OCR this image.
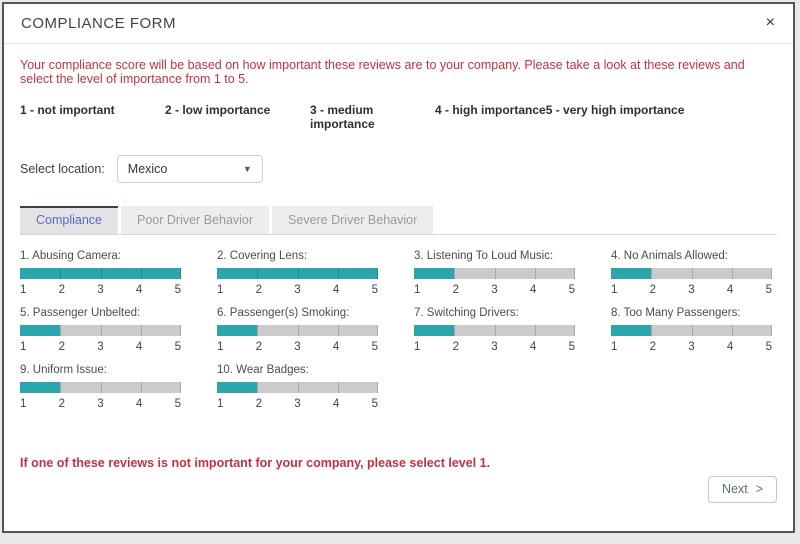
COMPLIANCE FORM	×
Your compliance score will be based on how important these reviews are to your company. Please take a look at these reviews and select the level of importance from 1 to 5.
1 - not important	2 - low importance	3 - medium importance
4 - high importance 5 - very high importance
Select location: Mexico	▼
Compliance	Poor Driver Behavior	Severe Driver Behavior
1. Abusing Camera:
1	2	3	4	5
2. Covering Lens:
1	2	3	4	5
3. Listening To Loud Music:
1	2	3	4	5
4. No Animals Allowed:
1	2	3	4	5
5. Passenger Unbelted:
1	2	3	4	5
6. Passenger(s) Smoking:
1	2	3	4	5
7. Switching Drivers:
1	2	3	4	5
8. Too Many Passengers:
1	2	3	4	5
9. Uniform Issue:
1	2	3	4	5
10. Wear Badges:
1	2	3	4	5
If one of these reviews is not important for your company, please select level 1.
Next >
